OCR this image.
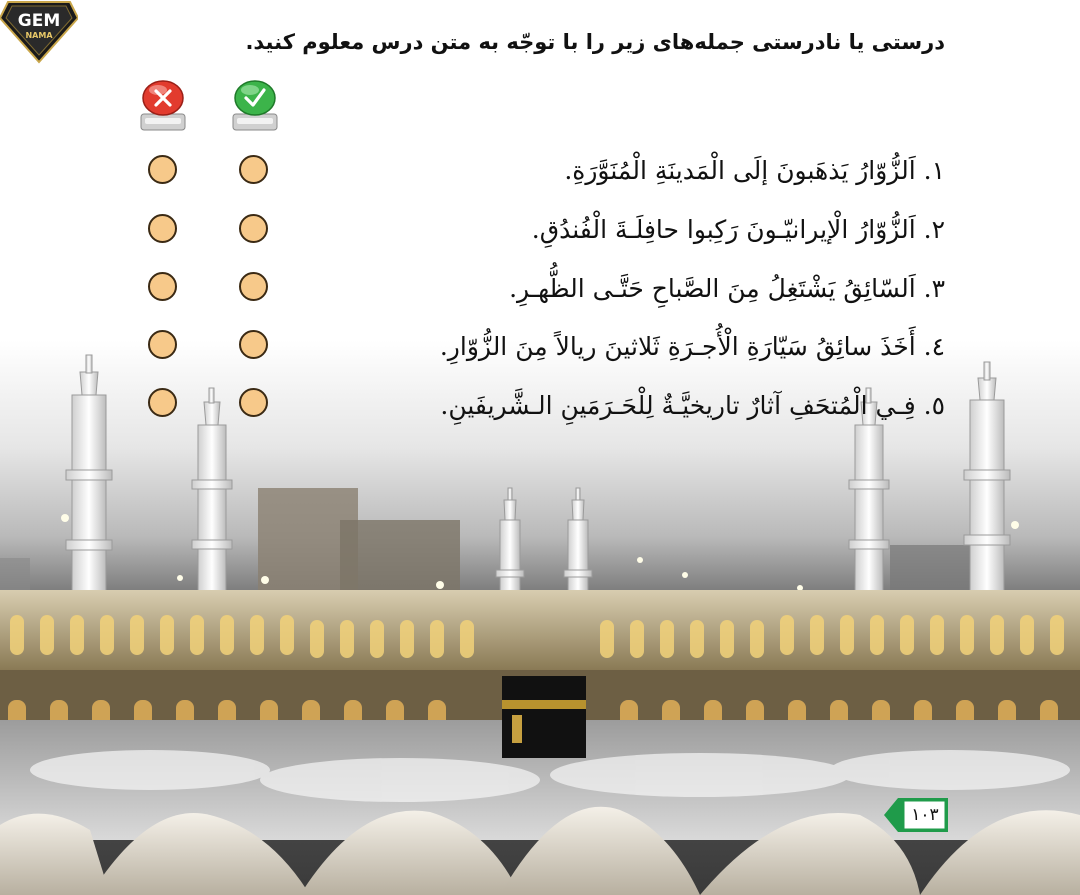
GEM
NAMA	درستی یا نادرستی جمله‌های زیر را با توجّه به متن درس معلوم کنید.
١. اَلزُّوّارُ يَذهَبونَ إلَى الْمَدينَةِ الْمُنَوَّرَةِ.
٢. اَلزُّوّارُ الْإيرانيّـونَ رَكِبوا حافِلَـةَ الْفُندُقِ.
٣. اَلسّائِقُ يَشْتَغِلُ مِنَ الصَّباحِ حَتَّـى الظُّهـرِ.
٤. أَخَذَ سائِقُ سَيّارَةِ الْأُجـرَةِ ثَلاثينَ ريالاً مِنَ الزُّوّارِ.
٥. فِـي الْمُتحَفِ آثارٌ تاريخيَّـةٌ لِلْحَـرَمَينِ الـشَّريفَينِ.
١٠٣
